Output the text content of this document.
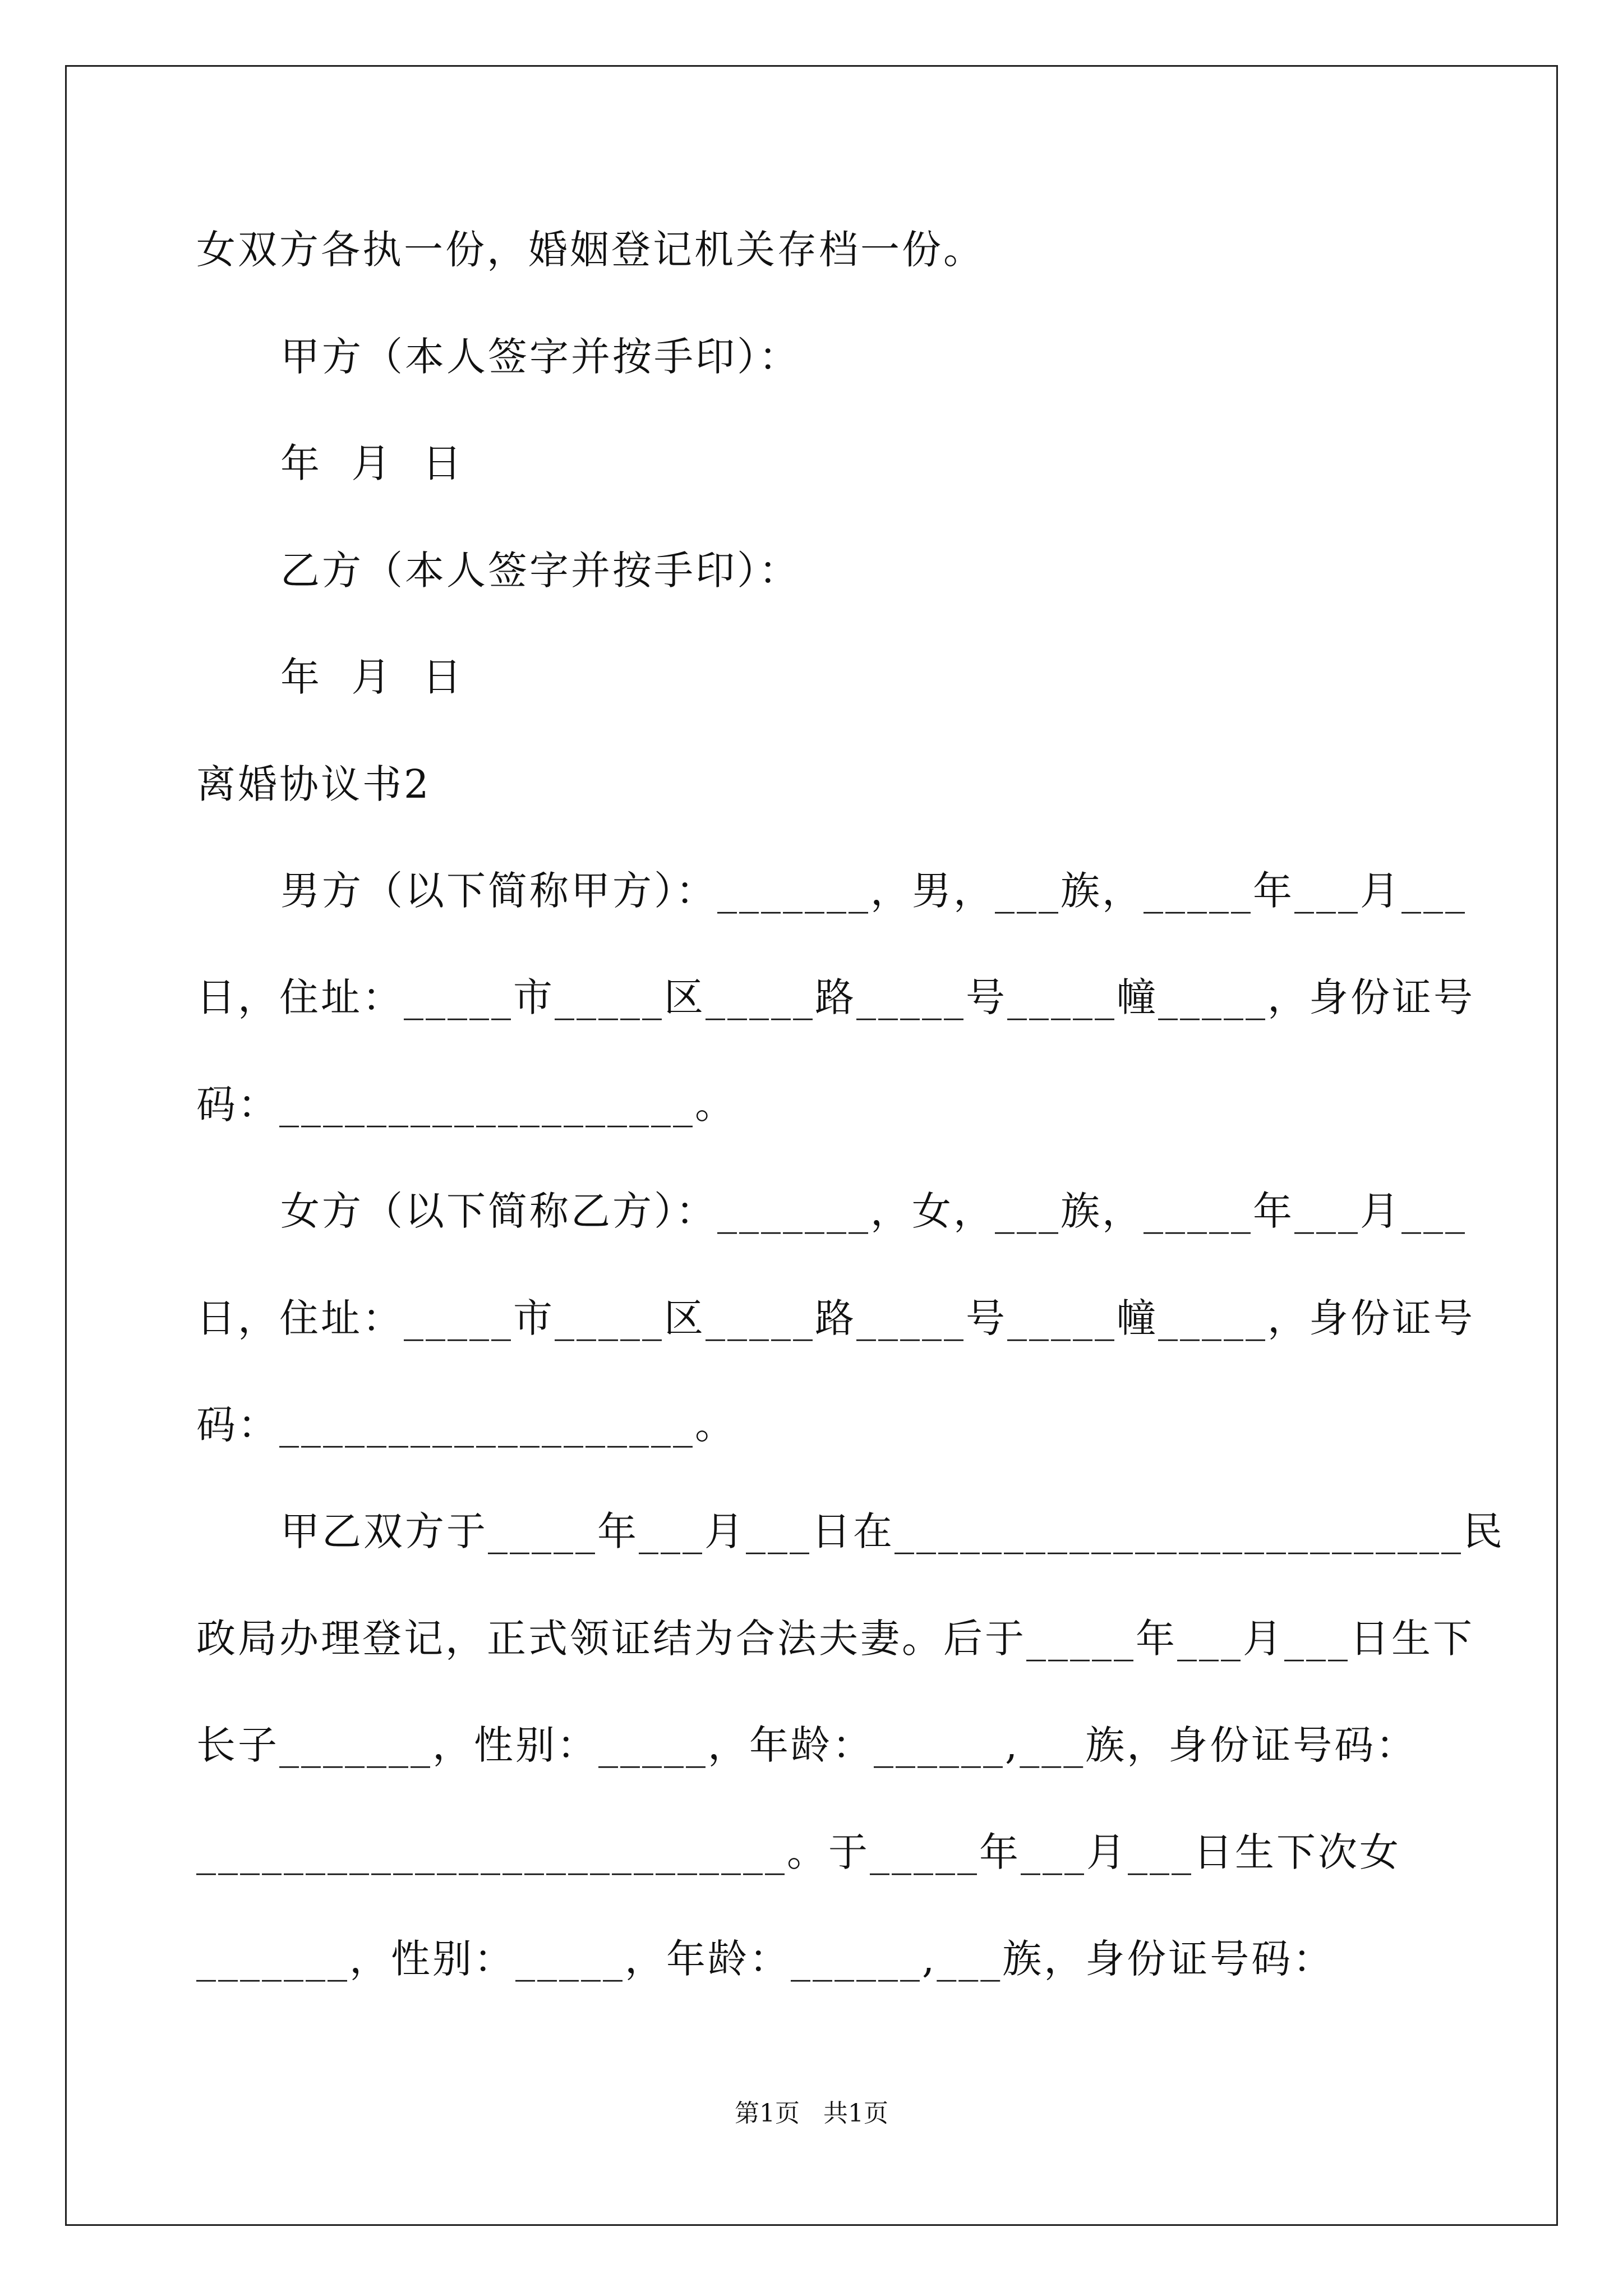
女双方各执一份，婚姻登记机关存档一份。
甲方（本人签字并按手印）：
年  月  日
乙方（本人签字并按手印）：
年  月  日
离婚协议书2
男方（以下简称甲方）：_______，男，___族，_____年___月___
日，住址：_____市_____区_____路_____号_____幢_____，身份证号
码：___________________。
女方（以下简称乙方）：_______，女，___族，_____年___月___
日，住址：_____市_____区_____路_____号_____幢_____，身份证号
码：___________________。
甲乙双方于_____年___月___日在__________________________民
政局办理登记，正式领证结为合法夫妻。后于_____年___月___日生下
长子_______，性别：_____，年龄：______,___族，身份证号码：
___________________________。于_____年___月___日生下次女
_______，性别：_____，年龄：______,___族，身份证号码：
第1页   共1页
